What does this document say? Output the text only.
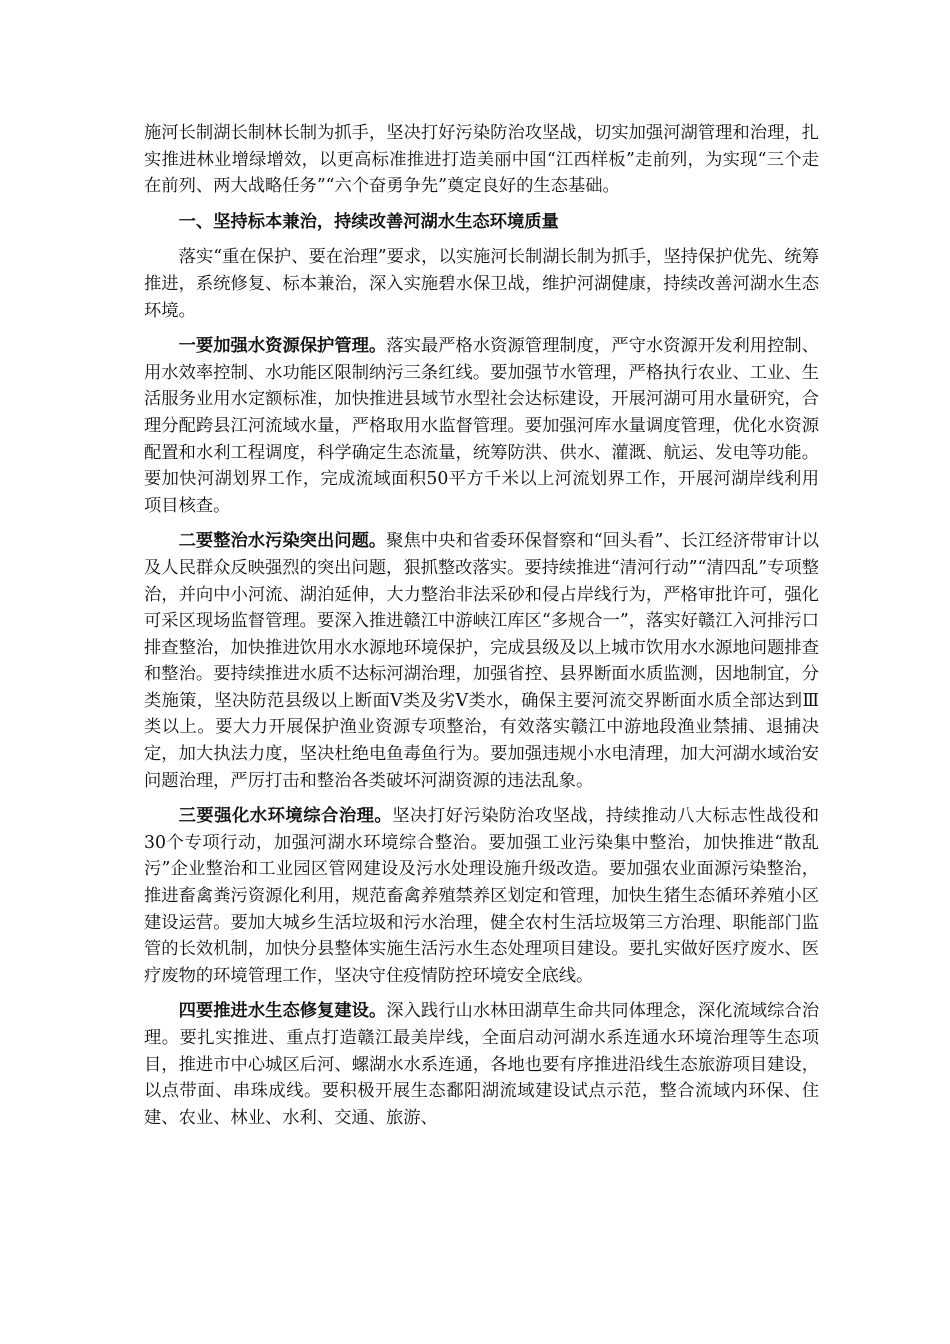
施河长制湖长制林长制为抓手，坚决打好污染防治攻坚战，切实加强河湖管理和治理，扎实推进林业增绿增效，以更高标准推进打造美丽中国“江西样板”走前列，为实现“三个走在前列、两大战略任务”“六个奋勇争先”奠定良好的生态基础。

一、坚持标本兼治，持续改善河湖水生态环境质量

落实“重在保护、要在治理”要求，以实施河长制湖长制为抓手，坚持保护优先、统筹推进，系统修复、标本兼治，深入实施碧水保卫战，维护河湖健康，持续改善河湖水生态环境。

一要加强水资源保护管理。落实最严格水资源管理制度，严守水资源开发利用控制、用水效率控制、水功能区限制纳污三条红线。要加强节水管理，严格执行农业、工业、生活服务业用水定额标准，加快推进县域节水型社会达标建设，开展河湖可用水量研究，合理分配跨县江河流域水量，严格取用水监督管理。要加强河库水量调度管理，优化水资源配置和水利工程调度，科学确定生态流量，统筹防洪、供水、灌溉、航运、发电等功能。要加快河湖划界工作，完成流域面积50平方千米以上河流划界工作，开展河湖岸线利用项目核查。

二要整治水污染突出问题。聚焦中央和省委环保督察和“回头看”、长江经济带审计以及人民群众反映强烈的突出问题，狠抓整改落实。要持续推进“清河行动”“清四乱”专项整治，并向中小河流、湖泊延伸，大力整治非法采砂和侵占岸线行为，严格审批许可，强化可采区现场监督管理。要深入推进赣江中游峡江库区“多规合一”，落实好赣江入河排污口排查整治，加快推进饮用水水源地环境保护，完成县级及以上城市饮用水水源地问题排查和整治。要持续推进水质不达标河湖治理，加强省控、县界断面水质监测，因地制宜，分类施策，坚决防范县级以上断面Ⅴ类及劣Ⅴ类水，确保主要河流交界断面水质全部达到Ⅲ类以上。要大力开展保护渔业资源专项整治，有效落实赣江中游地段渔业禁捕、退捕决定，加大执法力度，坚决杜绝电鱼毒鱼行为。要加强违规小水电清理，加大河湖水域治安问题治理，严厉打击和整治各类破坏河湖资源的违法乱象。

三要强化水环境综合治理。坚决打好污染防治攻坚战，持续推动八大标志性战役和30个专项行动，加强河湖水环境综合整治。要加强工业污染集中整治，加快推进“散乱污”企业整治和工业园区管网建设及污水处理设施升级改造。要加强农业面源污染整治，推进畜禽粪污资源化利用，规范畜禽养殖禁养区划定和管理，加快生猪生态循环养殖小区建设运营。要加大城乡生活垃圾和污水治理，健全农村生活垃圾第三方治理、职能部门监管的长效机制，加快分县整体实施生活污水生态处理项目建设。要扎实做好医疗废水、医疗废物的环境管理工作，坚决守住疫情防控环境安全底线。

四要推进水生态修复建设。深入践行山水林田湖草生命共同体理念，深化流域综合治理。要扎实推进、重点打造赣江最美岸线，全面启动河湖水系连通水环境治理等生态项目，推进市中心城区后河、螺湖水水系连通，各地也要有序推进沿线生态旅游项目建设，以点带面、串珠成线。要积极开展生态鄱阳湖流域建设试点示范，整合流域内环保、住建、农业、林业、水利、交通、旅游、
